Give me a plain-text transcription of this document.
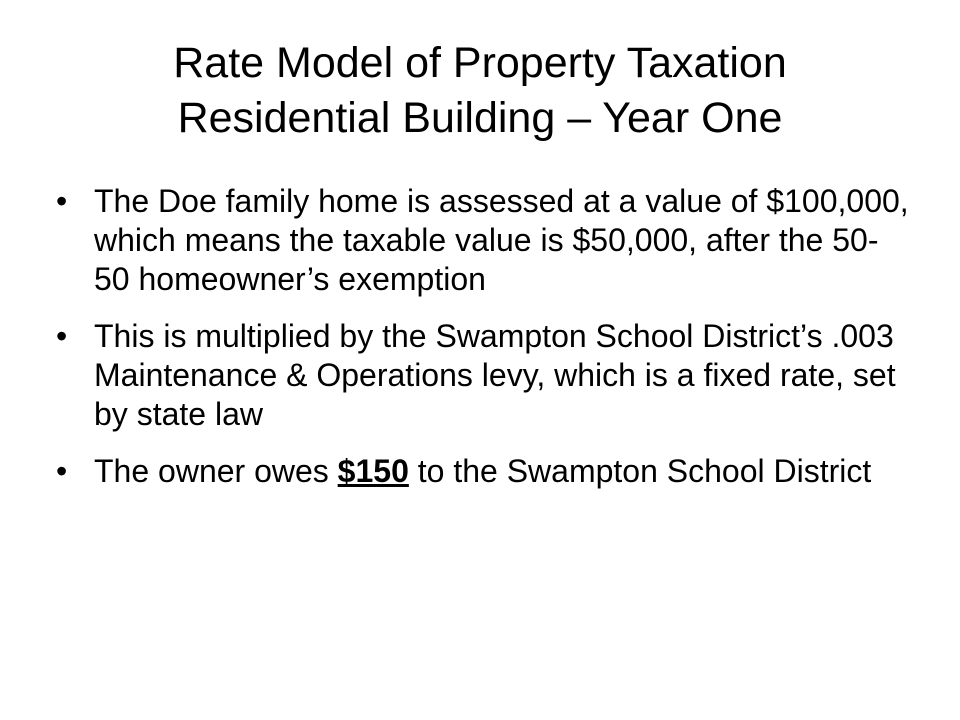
Rate Model of Property Taxation
Residential Building – Year One
• The Doe family home is assessed at a value of $100,000, which means the taxable value is $50,000, after the 50-50 homeowner’s exemption
• This is multiplied by the Swampton School District’s .003 Maintenance & Operations levy, which is a fixed rate, set by state law
• The owner owes $150 to the Swampton School District
